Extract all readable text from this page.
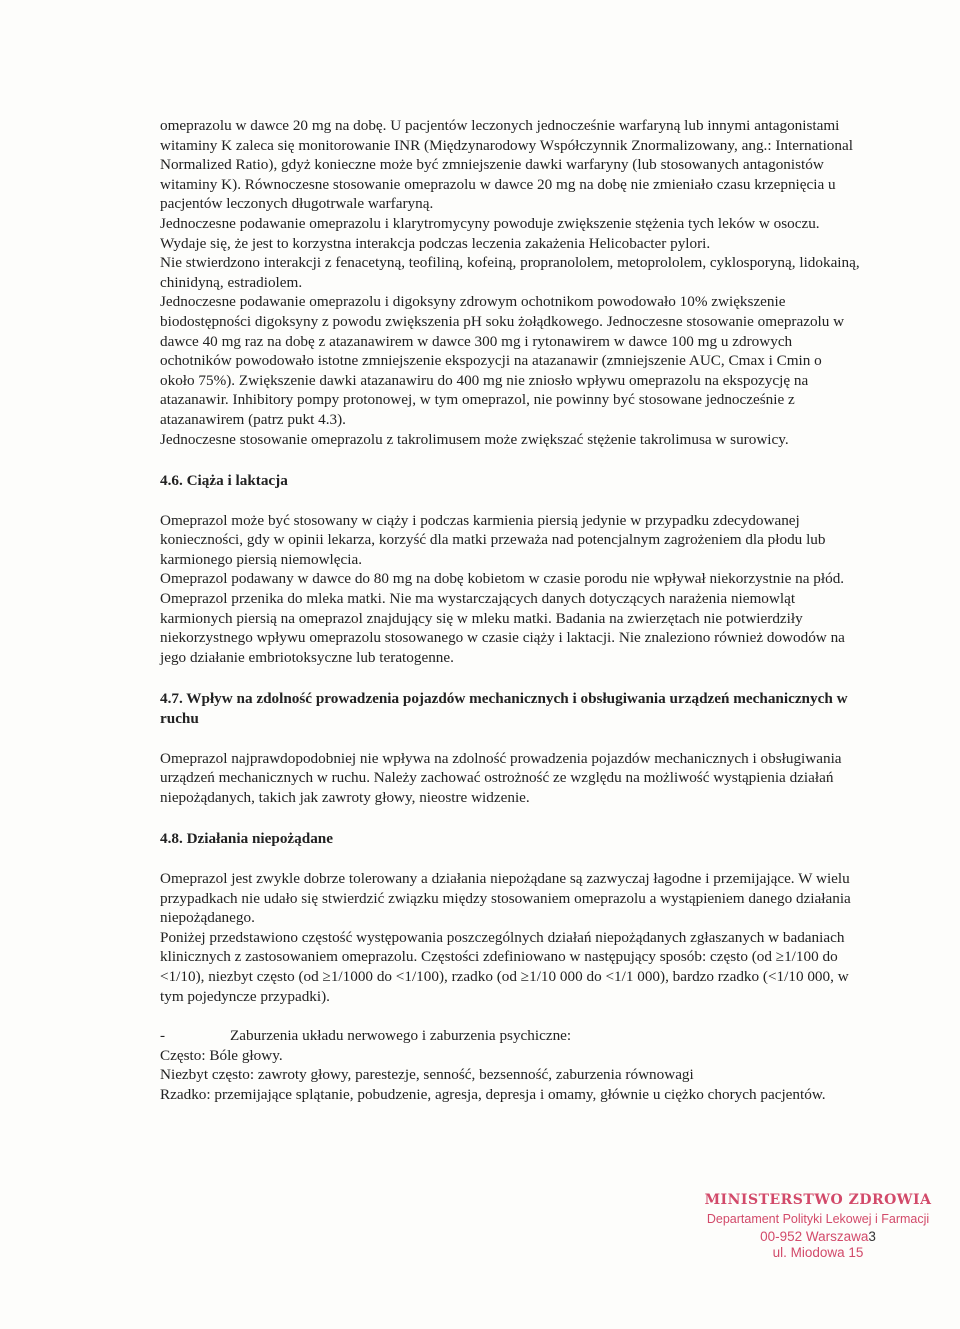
omeprazolu w dawce 20 mg na dobę. U pacjentów leczonych jednocześnie warfaryną lub innymi antagonistami witaminy K zaleca się monitorowanie INR (Międzynarodowy Współczynnik Znormalizowany, ang.: International Normalized Ratio), gdyż konieczne może być zmniejszenie dawki warfaryny (lub stosowanych antagonistów witaminy K). Równoczesne stosowanie omeprazolu w dawce 20 mg na dobę nie zmieniało czasu krzepnięcia u pacjentów leczonych długotrwale warfaryną.

Jednoczesne podawanie omeprazolu i klarytromycyny powoduje zwiększenie stężenia tych leków w osoczu. Wydaje się, że jest to korzystna interakcja podczas leczenia zakażenia Helicobacter pylori.

Nie stwierdzono interakcji z fenacetyną, teofiliną, kofeiną, propranololem, metoprololem, cyklosporyną, lidokainą, chinidyną, estradiolem.

Jednoczesne podawanie omeprazolu i digoksyny zdrowym ochotnikom powodowało 10% zwiększenie biodostępności digoksyny z powodu zwiększenia pH soku żołądkowego. Jednoczesne stosowanie omeprazolu w dawce 40 mg raz na dobę z atazanawirem w dawce 300 mg i rytonawirem w dawce 100 mg u zdrowych ochotników powodowało istotne zmniejszenie ekspozycji na atazanawir (zmniejszenie AUC, Cmax i Cmin o około 75%). Zwiększenie dawki atazanawiru do 400 mg nie zniosło wpływu omeprazolu na ekspozycję na atazanawir. Inhibitory pompy protonowej, w tym omeprazol, nie powinny być stosowane jednocześnie z atazanawirem (patrz pukt 4.3).

Jednoczesne stosowanie omeprazolu z takrolimusem może zwiększać stężenie takrolimusa w surowicy.

4.6. Ciąża i laktacja

Omeprazol może być stosowany w ciąży i podczas karmienia piersią jedynie w przypadku zdecydowanej konieczności, gdy w opinii lekarza, korzyść dla matki przeważa nad potencjalnym zagrożeniem dla płodu lub karmionego piersią niemowlęcia.

Omeprazol podawany w dawce do 80 mg na dobę kobietom w czasie porodu nie wpływał niekorzystnie na płód.

Omeprazol przenika do mleka matki. Nie ma wystarczających danych dotyczących narażenia niemowląt karmionych piersią na omeprazol znajdujący się w mleku matki. Badania na zwierzętach nie potwierdziły niekorzystnego wpływu omeprazolu stosowanego w czasie ciąży i laktacji. Nie znaleziono również dowodów na jego działanie embriotoksyczne lub teratogenne.

4.7. Wpływ na zdolność prowadzenia pojazdów mechanicznych i obsługiwania urządzeń mechanicznych w ruchu

Omeprazol najprawdopodobniej nie wpływa na zdolność prowadzenia pojazdów mechanicznych i obsługiwania urządzeń mechanicznych w ruchu. Należy zachować ostrożność ze względu na możliwość wystąpienia działań niepożądanych, takich jak zawroty głowy, nieostre widzenie.

4.8. Działania niepożądane

Omeprazol jest zwykle dobrze tolerowany a działania niepożądane są zazwyczaj łagodne i przemijające. W wielu przypadkach nie udało się stwierdzić związku między stosowaniem omeprazolu a wystąpieniem danego działania niepożądanego.

Poniżej przedstawiono częstość występowania poszczególnych działań niepożądanych zgłaszanych w badaniach klinicznych z zastosowaniem omeprazolu. Częstości zdefiniowano w następujący sposób: często (od ≥1/100 do <1/10), niezbyt często (od ≥1/1000 do <1/100), rzadko (od ≥1/10 000 do <1/1 000), bardzo rzadko (<1/10 000, w tym pojedyncze przypadki).

-	Zaburzenia układu nerwowego i zaburzenia psychiczne:

Często: Bóle głowy.

Niezbyt często: zawroty głowy, parestezje, senność, bezsenność, zaburzenia równowagi

Rzadko: przemijające splątanie, pobudzenie, agresja, depresja i omamy, głównie u ciężko chorych pacjentów.

MINISTERSTWO ZDROWIA
Departament Polityki Lekowej i Farmacji
00-952 Warszawa3
ul. Miodowa 15
